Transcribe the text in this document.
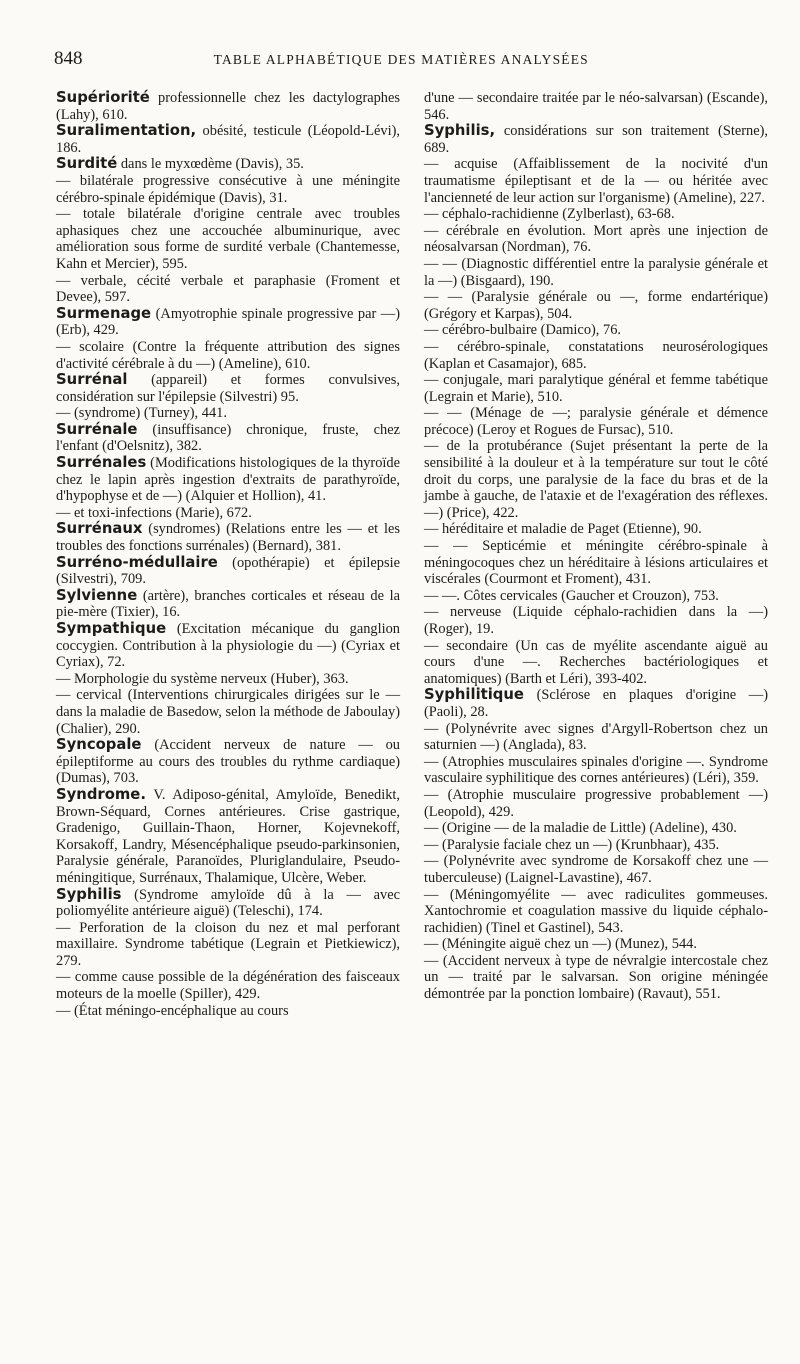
848	TABLE ALPHABÉTIQUE DES MATIÈRES ANALYSÉES

Supériorité professionnelle chez les dactylographes (Lahy), 610.

Suralimentation, obésité, testicule (Léopold-Lévi), 186.

Surdité dans le myxœdème (Davis), 35.

— bilatérale progressive consécutive à une méningite cérébro-spinale épidémique (Davis), 31.

— totale bilatérale d'origine centrale avec troubles aphasiques chez une accouchée albuminurique, avec amélioration sous forme de surdité verbale (Chantemesse, Kahn et Mercier), 595.

— verbale, cécité verbale et paraphasie (Froment et Devee), 597.

Surmenage (Amyotrophie spinale progressive par —) (Erb), 429.

— scolaire (Contre la fréquente attribution des signes d'activité cérébrale à du —) (Ameline), 610.

Surrénal (appareil) et formes convulsives, considération sur l'épilepsie (Silvestri) 95.

— (syndrome) (Turney), 441.

Surrénale (insuffisance) chronique, fruste, chez l'enfant (d'Oelsnitz), 382.

Surrénales (Modifications histologiques de la thyroïde chez le lapin après ingestion d'extraits de parathyroïde, d'hypophyse et de —) (Alquier et Hollion), 41.

— et toxi-infections (Marie), 672.

Surrénaux (syndromes) (Relations entre les — et les troubles des fonctions surrénales) (Bernard), 381.

Surréno-médullaire (opothérapie) et épilepsie (Silvestri), 709.

Sylvienne (artère), branches corticales et réseau de la pie-mère (Tixier), 16.

Sympathique (Excitation mécanique du ganglion coccygien. Contribution à la physiologie du —) (Cyriax et Cyriax), 72.

— Morphologie du système nerveux (Huber), 363.

— cervical (Interventions chirurgicales dirigées sur le — dans la maladie de Basedow, selon la méthode de Jaboulay) (Chalier), 290.

Syncopale (Accident nerveux de nature — ou épileptiforme au cours des troubles du rythme cardiaque) (Dumas), 703.

Syndrome. V. Adiposo-génital, Amyloïde, Benedikt, Brown-Séquard, Cornes antérieures. Crise gastrique, Gradenigo, Guillain-Thaon, Horner, Kojevnekoff, Korsakoff, Landry, Mésencéphalique pseudo-parkinsonien, Paralysie générale, Paranoïdes, Pluriglandulaire, Pseudo-méningitique, Surrénaux, Thalamique, Ulcère, Weber.

Syphilis (Syndrome amyloïde dû à la — avec poliomyélite antérieure aiguë) (Teleschi), 174.

— Perforation de la cloison du nez et mal perforant maxillaire. Syndrome tabétique (Legrain et Pietkiewicz), 279.

— comme cause possible de la dégénération des faisceaux moteurs de la moelle (Spiller), 429.

— (État méningo-encéphalique au cours

d'une — secondaire traitée par le néo-salvarsan) (Escande), 546.

Syphilis, considérations sur son traitement (Sterne), 689.

— acquise (Affaiblissement de la nocivité d'un traumatisme épileptisant et de la — ou héritée avec l'ancienneté de leur action sur l'organisme) (Ameline), 227.

— céphalo-rachidienne (Zylberlast), 63-68.

— cérébrale en évolution. Mort après une injection de néosalvarsan (Nordman), 76.

— — (Diagnostic différentiel entre la paralysie générale et la —) (Bisgaard), 190.

— — (Paralysie générale ou —, forme endartérique) (Grégory et Karpas), 504.

— cérébro-bulbaire (Damico), 76.

— cérébro-spinale, constatations neurosérologiques (Kaplan et Casamajor), 685.

— conjugale, mari paralytique général et femme tabétique (Legrain et Marie), 510.

— — (Ménage de —; paralysie générale et démence précoce) (Leroy et Rogues de Fursac), 510.

— de la protubérance (Sujet présentant la perte de la sensibilité à la douleur et à la température sur tout le côté droit du corps, une paralysie de la face du bras et de la jambe à gauche, de l'ataxie et de l'exagération des réflexes. —) (Price), 422.

— héréditaire et maladie de Paget (Etienne), 90.

— — Septicémie et méningite cérébro-spinale à méningocoques chez un héréditaire à lésions articulaires et viscérales (Courmont et Froment), 431.

— —. Côtes cervicales (Gaucher et Crouzon), 753.

— nerveuse (Liquide céphalo-rachidien dans la —) (Roger), 19.

— secondaire (Un cas de myélite ascendante aiguë au cours d'une —. Recherches bactériologiques et anatomiques) (Barth et Léri), 393-402.

Syphilitique (Sclérose en plaques d'origine —) (Paoli), 28.

— (Polynévrite avec signes d'Argyll-Robertson chez un saturnien —) (Anglada), 83.

— (Atrophies musculaires spinales d'origine —. Syndrome vasculaire syphilitique des cornes antérieures) (Léri), 359.

— (Atrophie musculaire progressive probablement —) (Leopold), 429.

— (Origine — de la maladie de Little) (Adeline), 430.

— (Paralysie faciale chez un —) (Krunbhaar), 435.

— (Polynévrite avec syndrome de Korsakoff chez une — tuberculeuse) (Laignel-Lavastine), 467.

— (Méningomyélite — avec radiculites gommeuses. Xantochromie et coagulation massive du liquide céphalo-rachidien) (Tinel et Gastinel), 543.

— (Méningite aiguë chez un —) (Munez), 544.

— (Accident nerveux à type de névralgie intercostale chez un — traité par le salvarsan. Son origine méningée démontrée par la ponction lombaire) (Ravaut), 551.
